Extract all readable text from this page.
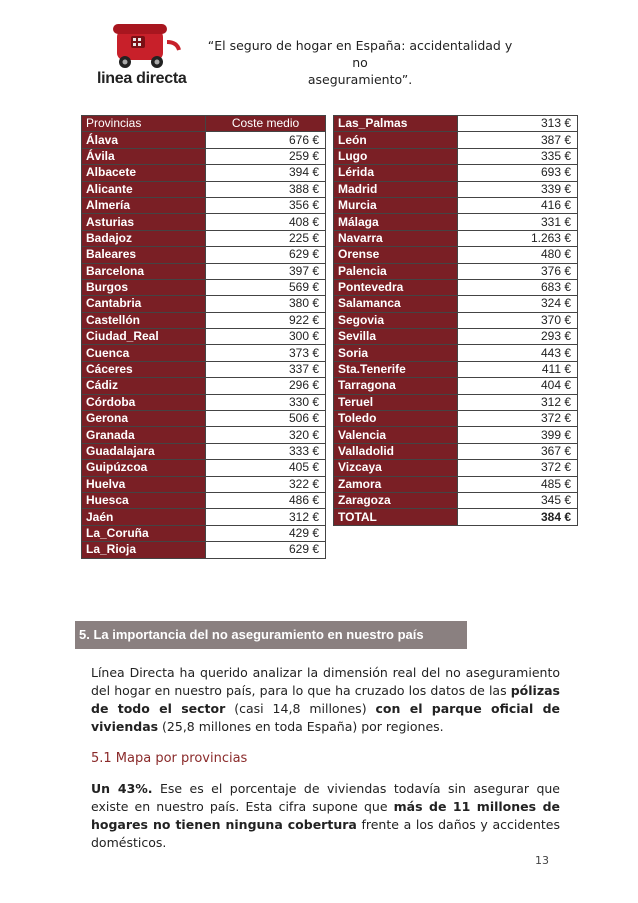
linea directa
“El seguro de hogar en España: accidentalidad y no
aseguramiento”.
Provincias	Coste medio
Álava	676 €
Ávila	259 €
Albacete	394 €
Alicante	388 €
Almería	356 €
Asturias	408 €
Badajoz	225 €
Baleares	629 €
Barcelona	397 €
Burgos	569 €
Cantabria	380 €
Castellón	922 €
Ciudad_Real	300 €
Cuenca	373 €
Cáceres	337 €
Cádiz	296 €
Córdoba	330 €
Gerona	506 €
Granada	320 €
Guadalajara	333 €
Guipúzcoa	405 €
Huelva	322 €
Huesca	486 €
Jaén	312 €
La_Coruña	429 €
La_Rioja	629 €
Las_Palmas	313 €
León	387 €
Lugo	335 €
Lérida	693 €
Madrid	339 €
Murcia	416 €
Málaga	331 €
Navarra	1.263 €
Orense	480 €
Palencia	376 €
Pontevedra	683 €
Salamanca	324 €
Segovia	370 €
Sevilla	293 €
Soria	443 €
Sta.Tenerife	411 €
Tarragona	404 €
Teruel	312 €
Toledo	372 €
Valencia	399 €
Valladolid	367 €
Vizcaya	372 €
Zamora	485 €
Zaragoza	345 €
TOTAL	384 €
5. La importancia del no aseguramiento en nuestro país
Línea Directa ha querido analizar la dimensión real del no aseguramiento del hogar en nuestro país, para lo que ha cruzado los datos de las pólizas de todo el sector (casi 14,8 millones) con el parque oficial de viviendas (25,8 millones en toda España) por regiones.
5.1 Mapa por provincias
Un 43%. Ese es el porcentaje de viviendas todavía sin asegurar que existe en nuestro país. Esta cifra supone que más de 11 millones de hogares no tienen ninguna cobertura frente a los daños y accidentes domésticos.
13
